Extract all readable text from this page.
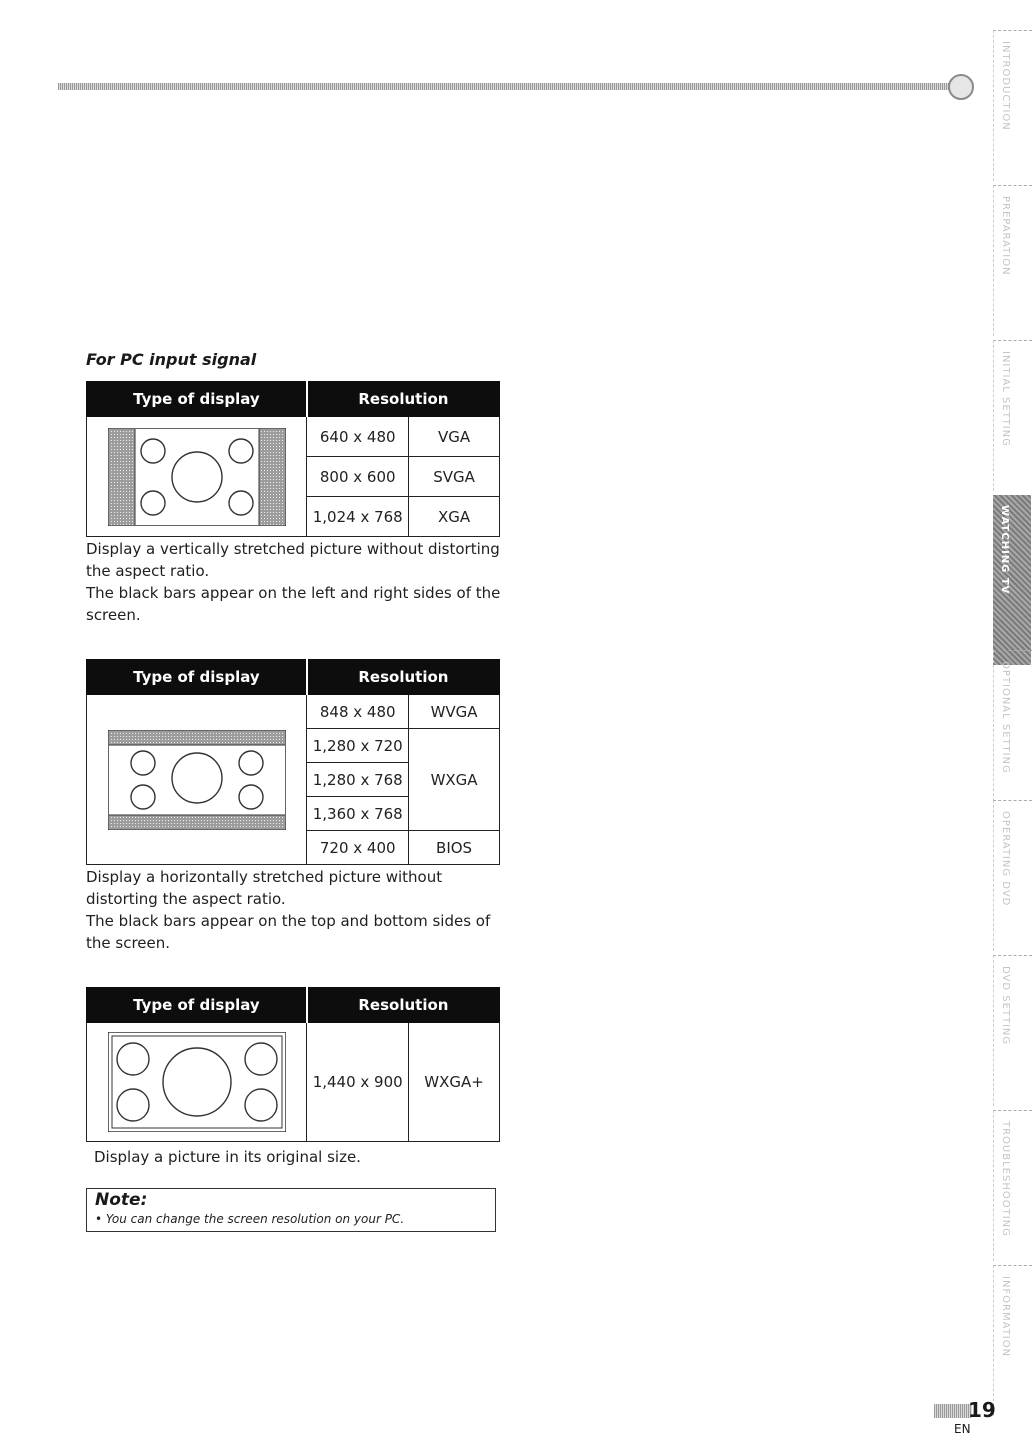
For PC input signal
Type of display	Resolution	

	640 x 480	VGA
	800 x 600	SVGA
	1,024 x 768	XGA
Display a vertically stretched picture without distorting the aspect ratio.
The black bars appear on the left and right sides of the screen.
Type of display	Resolution	

	848 x 480	WVGA
	1,280 x 720	WXGA
	1,280 x 768	
	1,360 x 768	
	720 x 400	BIOS
Display a horizontally stretched picture without distorting the aspect ratio.
The black bars appear on the top and bottom sides of the screen.
Type of display	Resolution	

	1,440 x 900	WXGA+
Display a picture in its original size.
Note:
• You can change the screen resolution on your PC.
INTRODUCTION
PREPARATION
INITIAL SETTING
WATCHING TV
OPTIONAL SETTING
OPERATING DVD
DVD SETTING
TROUBLESHOOTING
INFORMATION
19
EN
